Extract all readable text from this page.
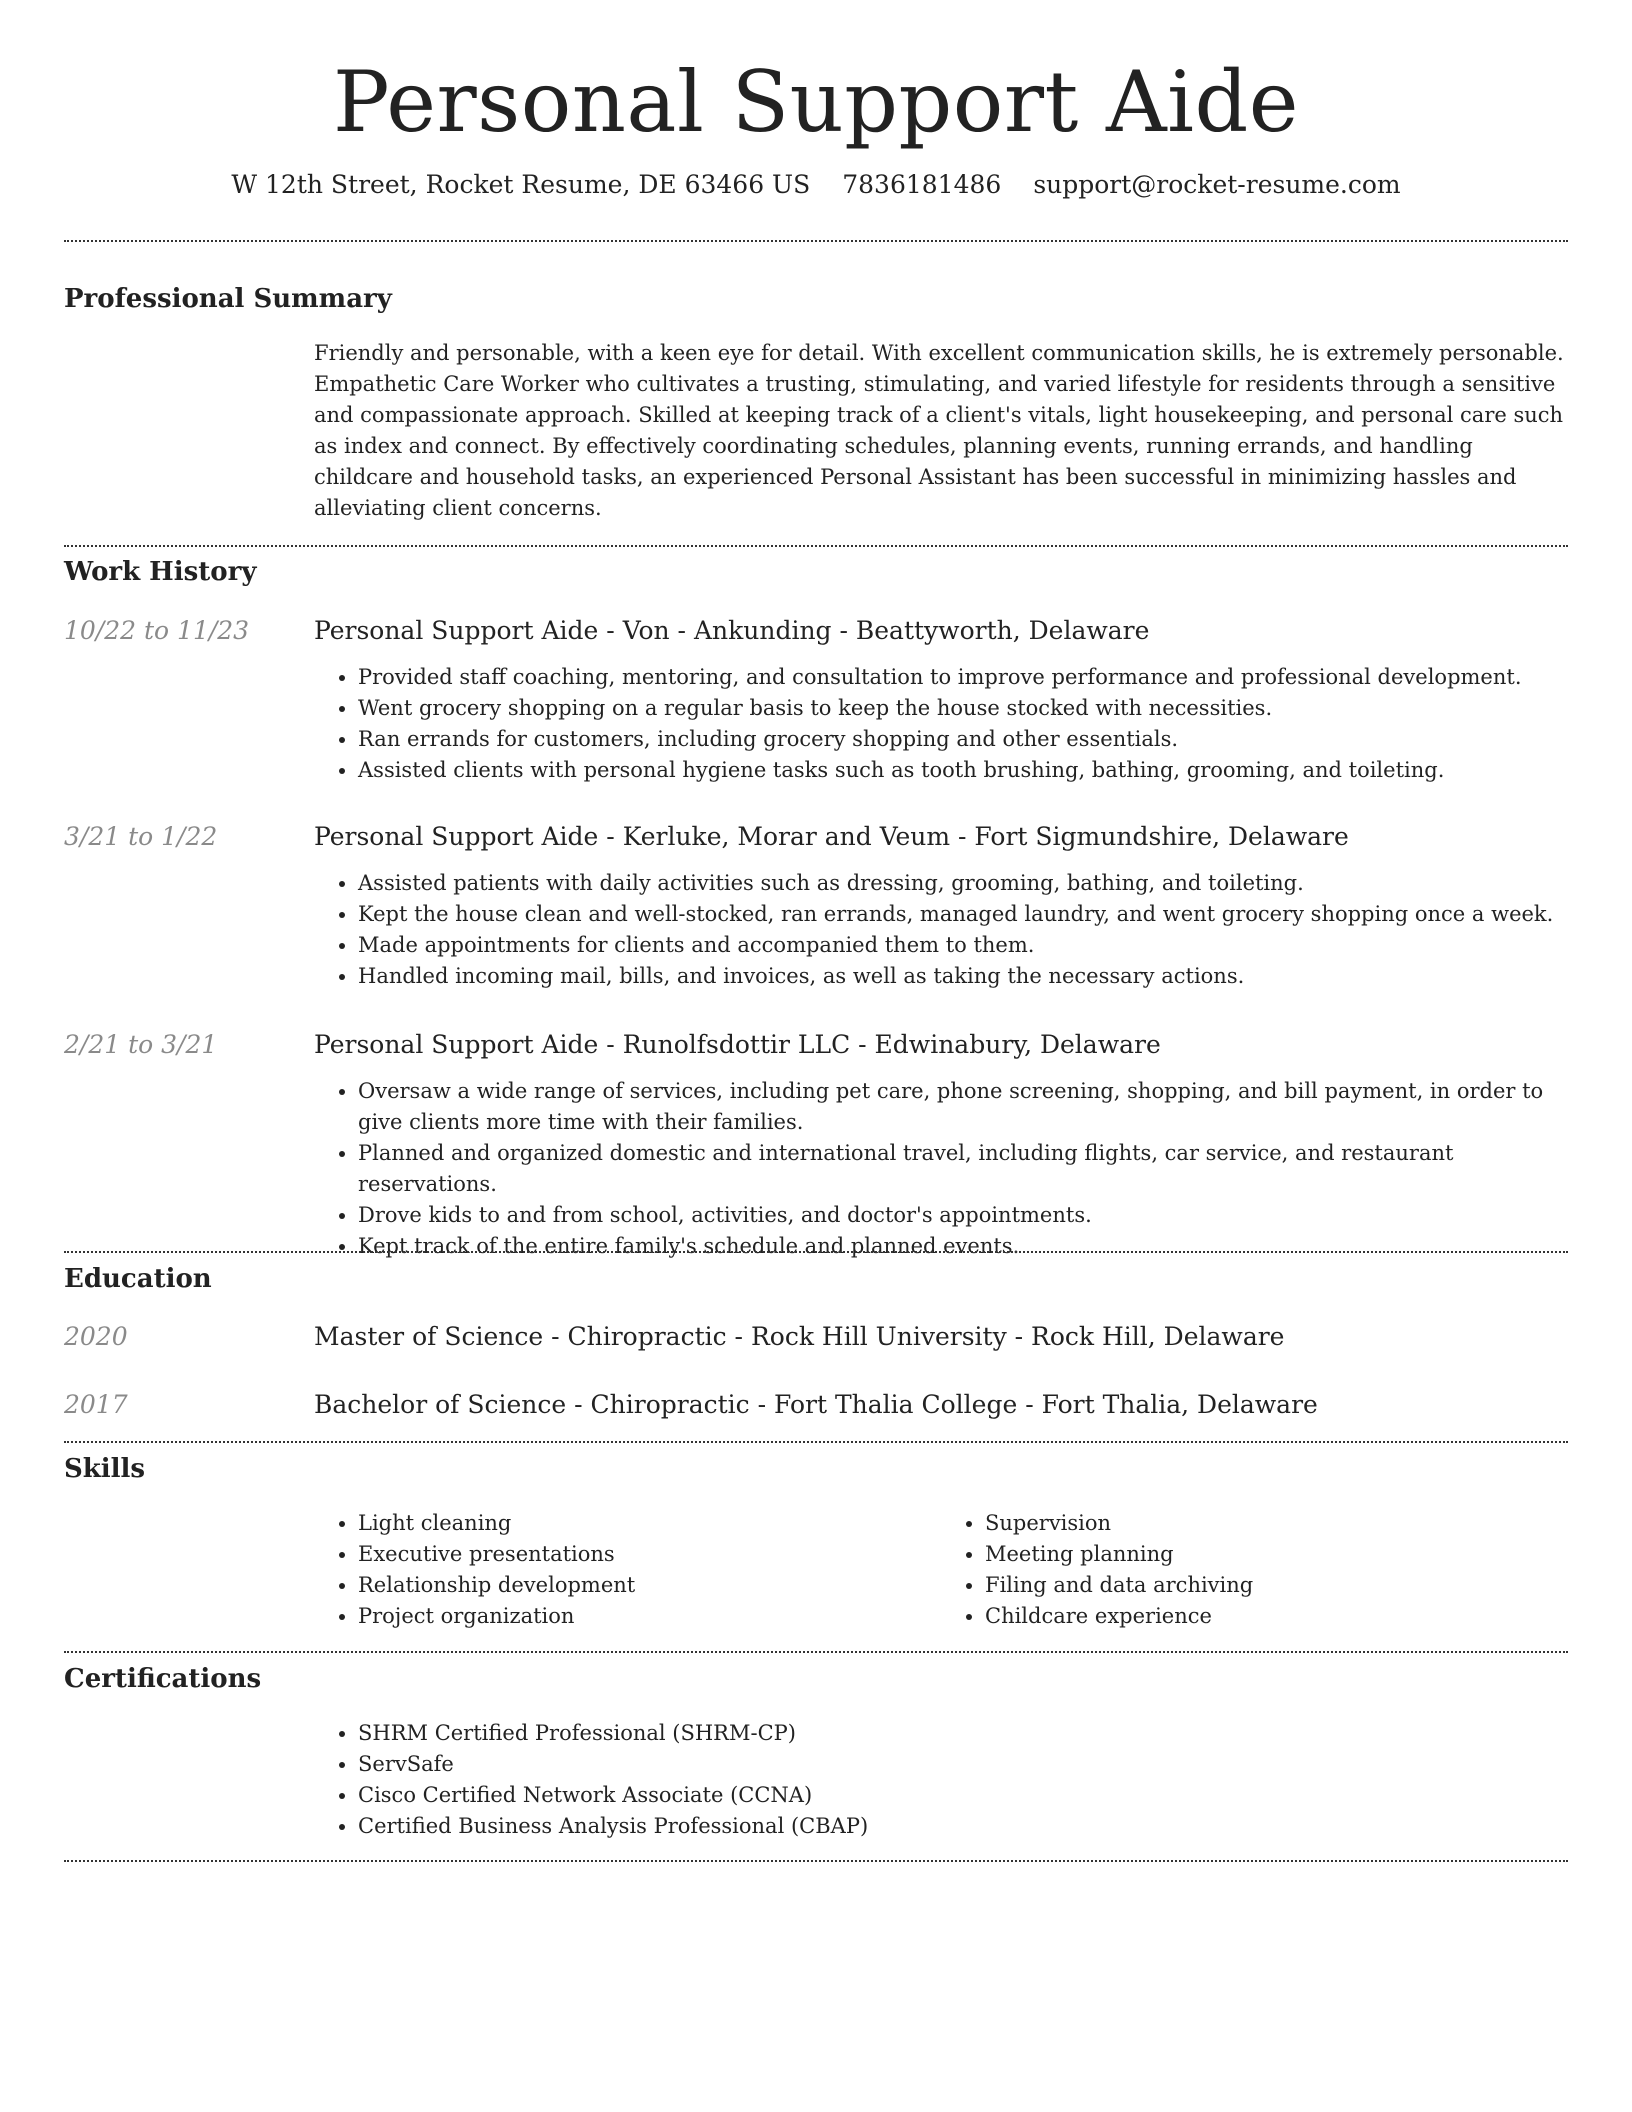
Personal Support Aide
W 12th Street, Rocket Resume, DE 63466 US 7836181486 support@rocket-resume.com
Professional Summary
Friendly and personable, with a keen eye for detail. With excellent communication skills, he is extremely personable. Empathetic Care Worker who cultivates a trusting, stimulating, and varied lifestyle for residents through a sensitive and compassionate approach. Skilled at keeping track of a client's vitals, light housekeeping, and personal care such as index and connect. By effectively coordinating schedules, planning events, running errands, and handling childcare and household tasks, an experienced Personal Assistant has been successful in minimizing hassles and alleviating client concerns.
Work History
10/22 to 11/23	Personal Support Aide - Von - Ankunding - Beattyworth, Delaware
• Provided staff coaching, mentoring, and consultation to improve performance and professional development.
• Went grocery shopping on a regular basis to keep the house stocked with necessities.
• Ran errands for customers, including grocery shopping and other essentials.
• Assisted clients with personal hygiene tasks such as tooth brushing, bathing, grooming, and toileting.
3/21 to 1/22	Personal Support Aide - Kerluke, Morar and Veum - Fort Sigmundshire, Delaware
• Assisted patients with daily activities such as dressing, grooming, bathing, and toileting.
• Kept the house clean and well-stocked, ran errands, managed laundry, and went grocery shopping once a week.
• Made appointments for clients and accompanied them to them.
• Handled incoming mail, bills, and invoices, as well as taking the necessary actions.
2/21 to 3/21	Personal Support Aide - Runolfsdottir LLC - Edwinabury, Delaware
• Oversaw a wide range of services, including pet care, phone screening, shopping, and bill payment, in order to give clients more time with their families.
• Planned and organized domestic and international travel, including flights, car service, and restaurant reservations.
• Drove kids to and from school, activities, and doctor's appointments.
• Kept track of the entire family's schedule and planned events.
Education
2020	Master of Science - Chiropractic - Rock Hill University - Rock Hill, Delaware
2017	Bachelor of Science - Chiropractic - Fort Thalia College - Fort Thalia, Delaware
Skills
• Light cleaning
• Executive presentations
• Relationship development
• Project organization
• Supervision
• Meeting planning
• Filing and data archiving
• Childcare experience
Certifications
• SHRM Certified Professional (SHRM-CP)
• ServSafe
• Cisco Certified Network Associate (CCNA)
• Certified Business Analysis Professional (CBAP)
